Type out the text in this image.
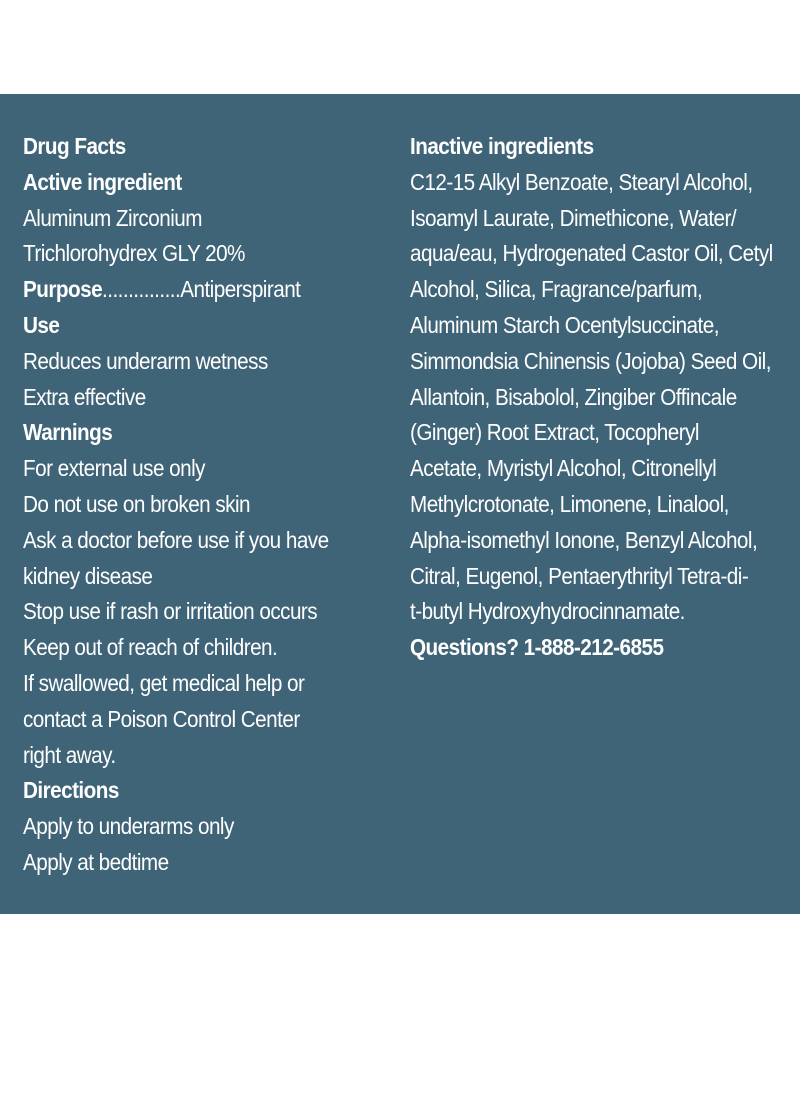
Drug Facts
Active ingredient
Aluminum Zirconium
Trichlorohydrex GLY 20%
Purpose...............Antiperspirant
Use
Reduces underarm wetness
Extra effective
Warnings
For external use only
Do not use on broken skin
Ask a doctor before use if you have
kidney disease
Stop use if rash or irritation occurs
Keep out of reach of children.
If swallowed, get medical help or
contact a Poison Control Center
right away.
Directions
Apply to underarms only
Apply at bedtime
Inactive ingredients
C12-15 Alkyl Benzoate, Stearyl Alcohol,
Isoamyl Laurate, Dimethicone, Water/
aqua/eau, Hydrogenated Castor Oil, Cetyl
Alcohol, Silica, Fragrance/parfum,
Aluminum Starch Ocentylsuccinate,
Simmondsia Chinensis (Jojoba) Seed Oil,
Allantoin, Bisabolol, Zingiber Offincale
(Ginger) Root Extract, Tocopheryl
Acetate, Myristyl Alcohol, Citronellyl
Methylcrotonate, Limonene, Linalool,
Alpha-isomethyl Ionone, Benzyl Alcohol,
Citral, Eugenol, Pentaerythrityl Tetra-di-
t-butyl Hydroxyhydrocinnamate.
Questions? 1-888-212-6855
